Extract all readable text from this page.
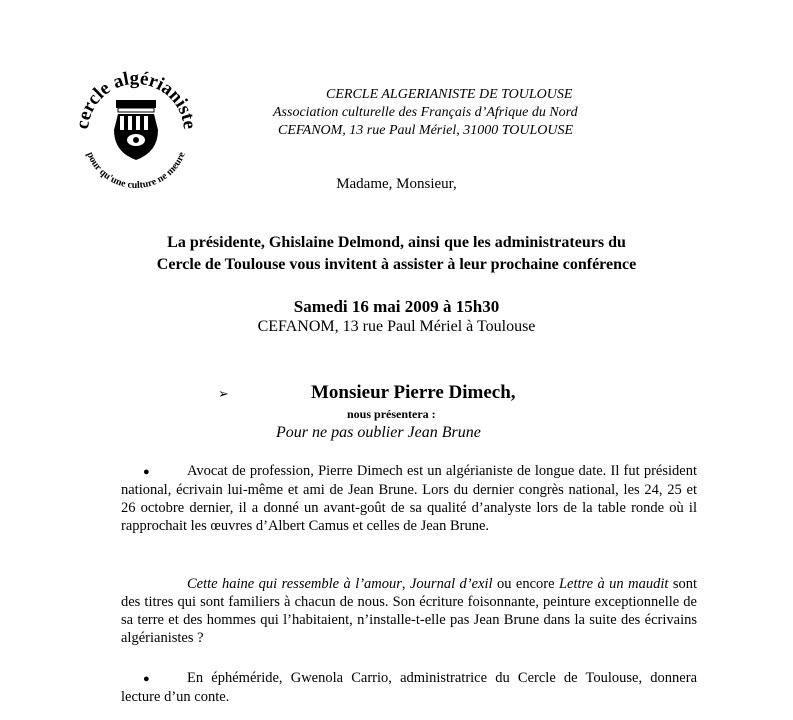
cercle algérianiste
pour qu'une culture ne meure
CERCLE ALGERIANISTE DE TOULOUSE
Association culturelle des Français d’Afrique du Nord
CEFANOM, 13 rue Paul Mériel, 31000 TOULOUSE
Madame, Monsieur,
La présidente, Ghislaine Delmond, ainsi que les administrateurs du
Cercle de Toulouse vous invitent à assister à leur prochaine conférence
Samedi 16 mai 2009 à 15h30
CEFANOM, 13 rue Paul Mériel à Toulouse
➢	Monsieur Pierre Dimech,
nous présentera :
Pour ne pas oublier Jean Brune
●	Avocat de profession, Pierre Dimech est un algérianiste de longue date. Il fut président national, écrivain lui-même et ami de Jean Brune. Lors du dernier congrès national, les 24, 25 et 26 octobre dernier, il a donné un avant-goût de sa qualité d’analyste lors de la table ronde où il rapprochait les œuvres d’Albert Camus et celles de Jean Brune.
Cette haine qui ressemble à l’amour, Journal d’exil ou encore Lettre à un maudit sont des titres qui sont familiers à chacun de nous. Son écriture foisonnante, peinture exceptionnelle de sa terre et des hommes qui l’habitaient, n’installe-t-elle pas Jean Brune dans la suite des écrivains algérianistes ?
●	En éphéméride, Gwenola Carrio, administratrice du Cercle de Toulouse, donnera lecture d’un conte.
